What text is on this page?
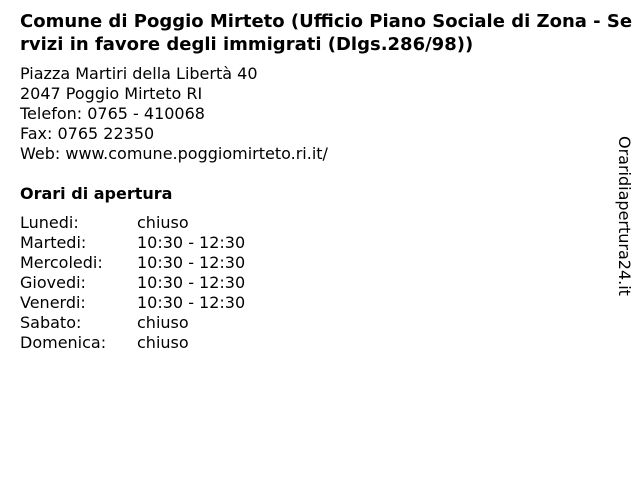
Comune di Poggio Mirteto (Ufficio Piano Sociale di Zona - Servizi in favore degli immigrati (Dlgs.286/98))
Piazza Martiri della Libertà 40
2047 Poggio Mirteto RI
Telefon: 0765 - 410068
Fax: 0765 22350
Web: www.comune.poggiomirteto.ri.it/
Orari di apertura
Lunedi:	chiuso
Martedi:	10:30 - 12:30
Mercoledi:	10:30 - 12:30
Giovedi:	10:30 - 12:30
Venerdi:	10:30 - 12:30
Sabato:	chiuso
Domenica:	chiuso
Oraridiapertura24.it
